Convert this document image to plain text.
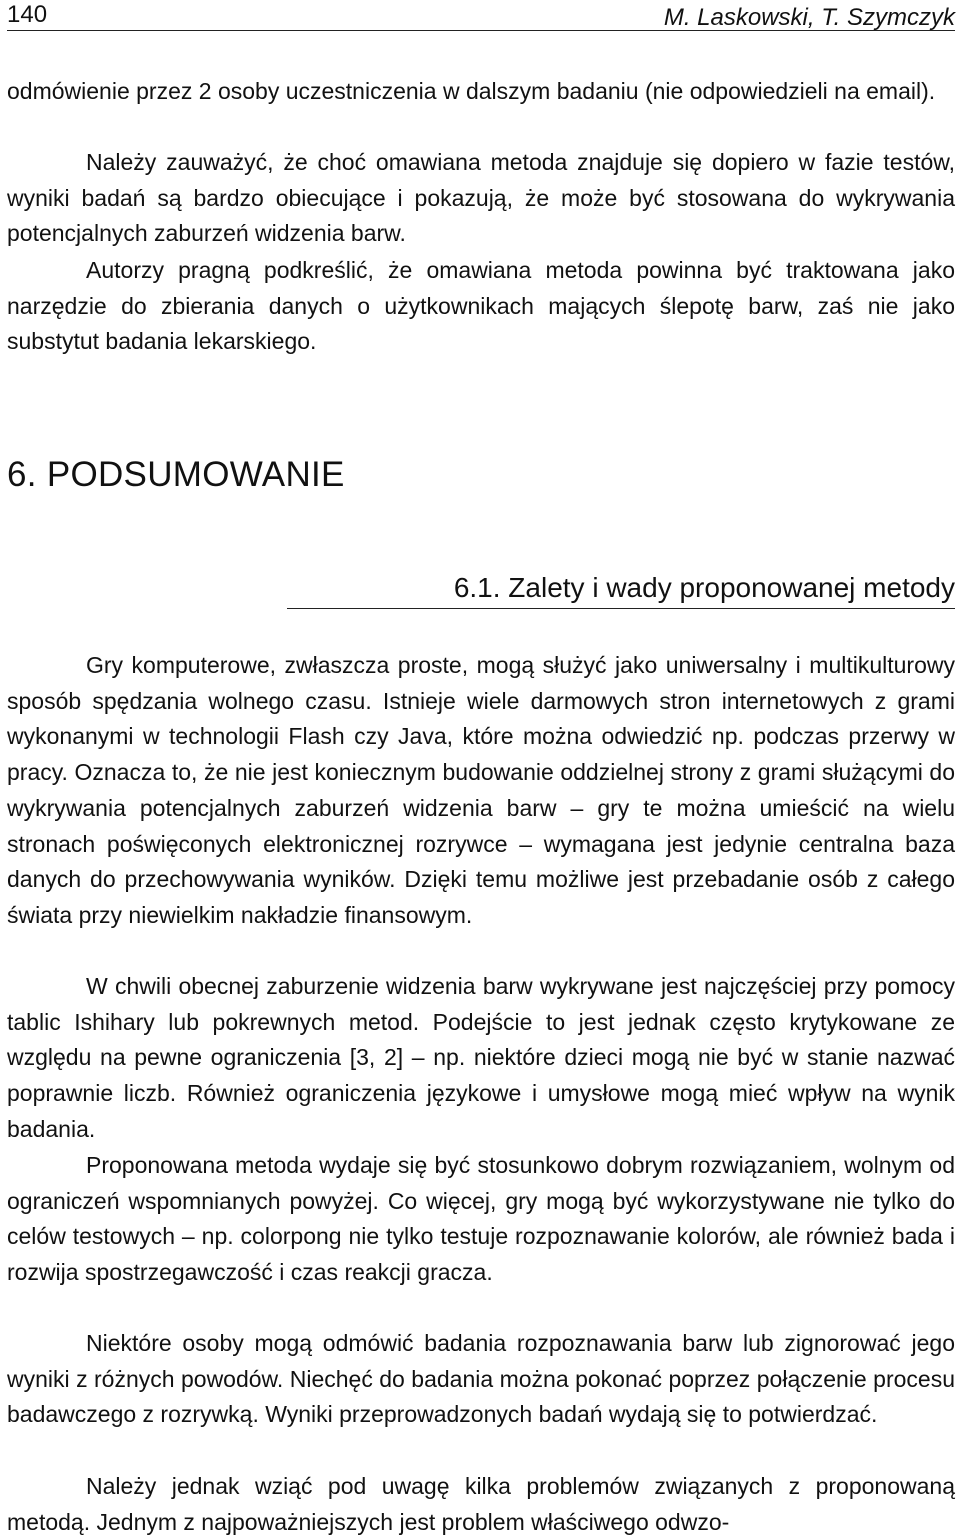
140	M. Laskowski, T. Szymczyk

odmówienie przez 2 osoby uczestniczenia w dalszym badaniu (nie odpowiedzieli na email).

Należy zauważyć, że choć omawiana metoda znajduje się dopiero w fazie testów, wyniki badań są bardzo obiecujące i pokazują, że może być stosowana do wykrywania potencjalnych zaburzeń widzenia barw.

Autorzy pragną podkreślić, że omawiana metoda powinna być traktowana jako narzędzie do zbierania danych o użytkownikach mających ślepotę barw, zaś nie jako substytut badania lekarskiego.

6. PODSUMOWANIE
6.1. Zalety i wady proponowanej metody

Gry komputerowe, zwłaszcza proste, mogą służyć jako uniwersalny i multikulturowy sposób spędzania wolnego czasu. Istnieje wiele darmowych stron internetowych z grami wykonanymi w technologii Flash czy Java, które można odwiedzić np. podczas przerwy w pracy. Oznacza to, że nie jest koniecznym budowanie oddzielnej strony z grami służącymi do wykrywania potencjalnych zaburzeń widzenia barw – gry te można umieścić na wielu stronach poświęconych elektronicznej rozrywce – wymagana jest jedynie centralna baza danych do przechowywania wyników. Dzięki temu możliwe jest przebadanie osób z całego świata przy niewielkim nakładzie finansowym.

W chwili obecnej zaburzenie widzenia barw wykrywane jest najczęściej przy pomocy tablic Ishihary lub pokrewnych metod. Podejście to jest jednak często krytykowane ze względu na pewne ograniczenia [3, 2] – np. niektóre dzieci mogą nie być w stanie nazwać poprawnie liczb. Również ograniczenia językowe i umysłowe mogą mieć wpływ na wynik badania.

Proponowana metoda wydaje się być stosunkowo dobrym rozwiązaniem, wolnym od ograniczeń wspomnianych powyżej. Co więcej, gry mogą być wykorzystywane nie tylko do celów testowych – np. colorpong nie tylko testuje rozpoznawanie kolorów, ale również bada i rozwija spostrzegawczość i czas reakcji gracza.

Niektóre osoby mogą odmówić badania rozpoznawania barw lub zignorować jego wyniki z różnych powodów. Niechęć do badania można pokonać poprzez połączenie procesu badawczego z rozrywką. Wyniki przeprowadzonych badań wydają się to potwierdzać.

Należy jednak wziąć pod uwagę kilka problemów związanych z proponowaną metodą. Jednym z najpoważniejszych jest problem właściwego odwzo-
